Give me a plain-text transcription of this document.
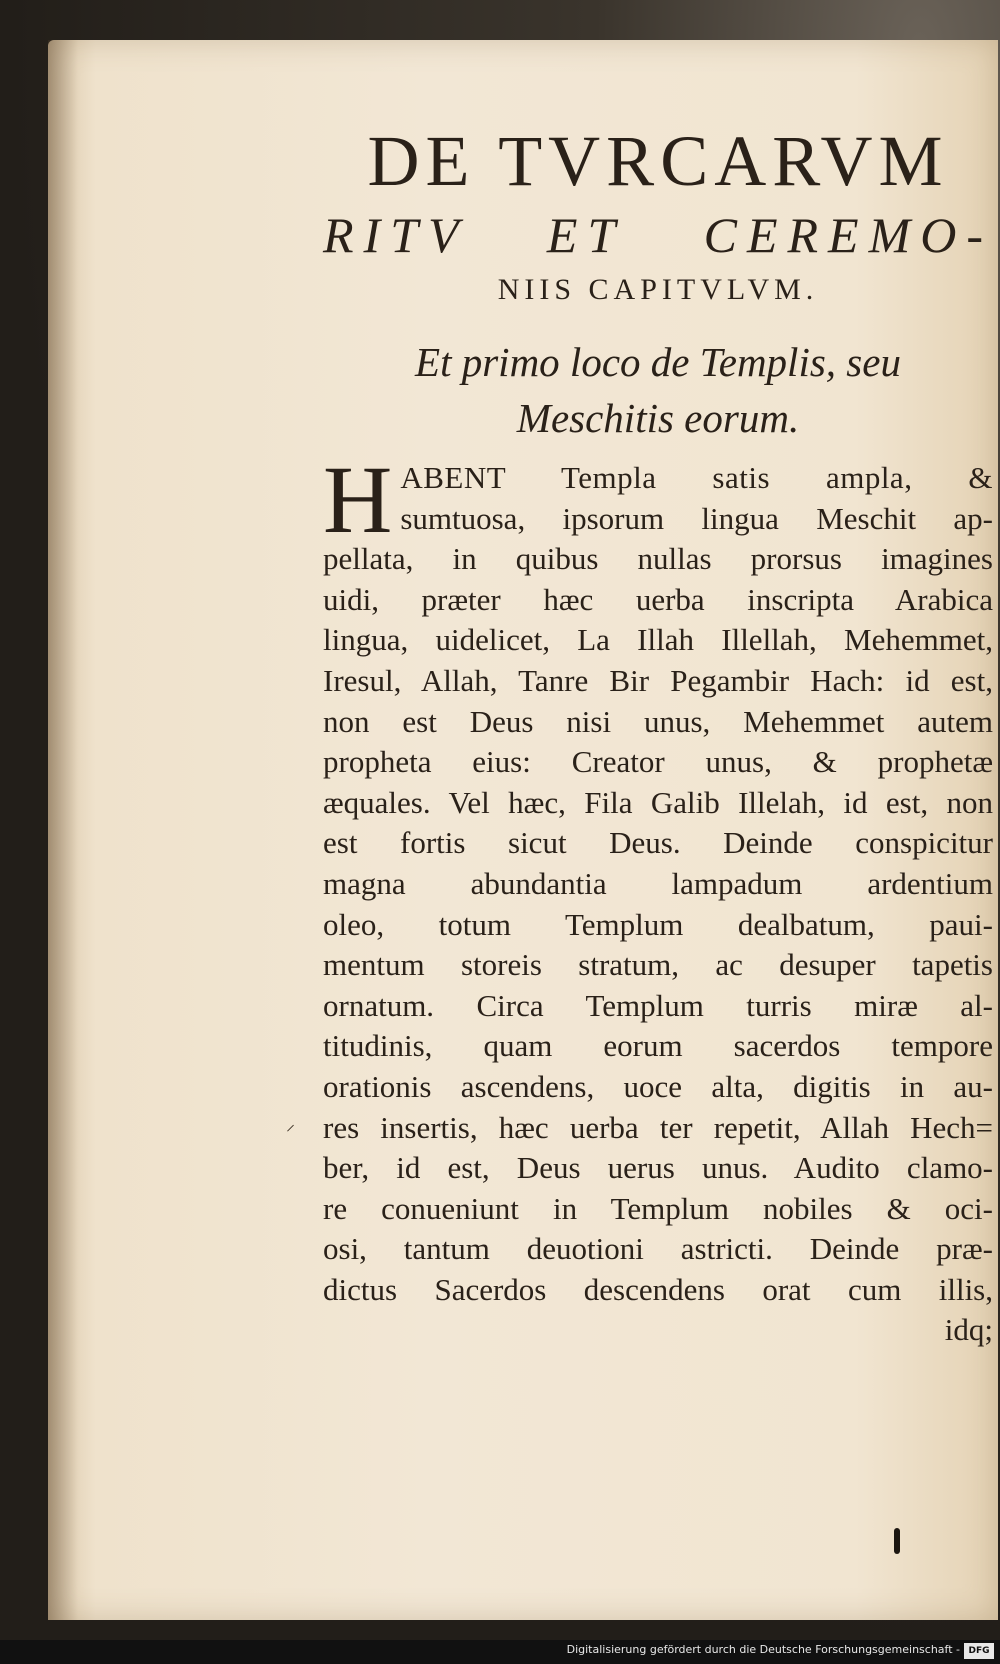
DE TVRCARVM
RITV ET CEREMO-
NIIS CAPITVLVM.
Et primo loco de Templis, seu
Meschitis eorum.
H ABENT Templa satis ampla, &
sumtuosa, ipsorum lingua Meschit ap-
pellata, in quibus nullas prorsus imagines
uidi, præter hæc uerba inscripta Arabica
lingua, uidelicet, La Illah Illellah, Mehemmet,
Iresul, Allah, Tanre Bir Pegambir Hach: id est,
non est Deus nisi unus, Mehemmet autem
propheta eius: Creator unus, & prophetæ
æquales. Vel hæc, Fila Galib Illelah, id est, non
est fortis sicut Deus. Deinde conspicitur
magna abundantia lampadum ardentium
oleo, totum Templum dealbatum, paui-
mentum storeis stratum, ac desuper tapetis
ornatum. Circa Templum turris miræ al-
titudinis, quam eorum sacerdos tempore
orationis ascendens, uoce alta, digitis in au-
res insertis, hæc uerba ter repetit, Allah Hech=
ber, id est, Deus uerus unus. Audito clamo-
re conueniunt in Templum nobiles & oci-
osi, tantum deuotioni astricti. Deinde præ-
dictus Sacerdos descendens orat cum illis,
idq;
⸝
Digitalisierung gefördert durch die Deutsche Forschungsgemeinschaft - DFG
